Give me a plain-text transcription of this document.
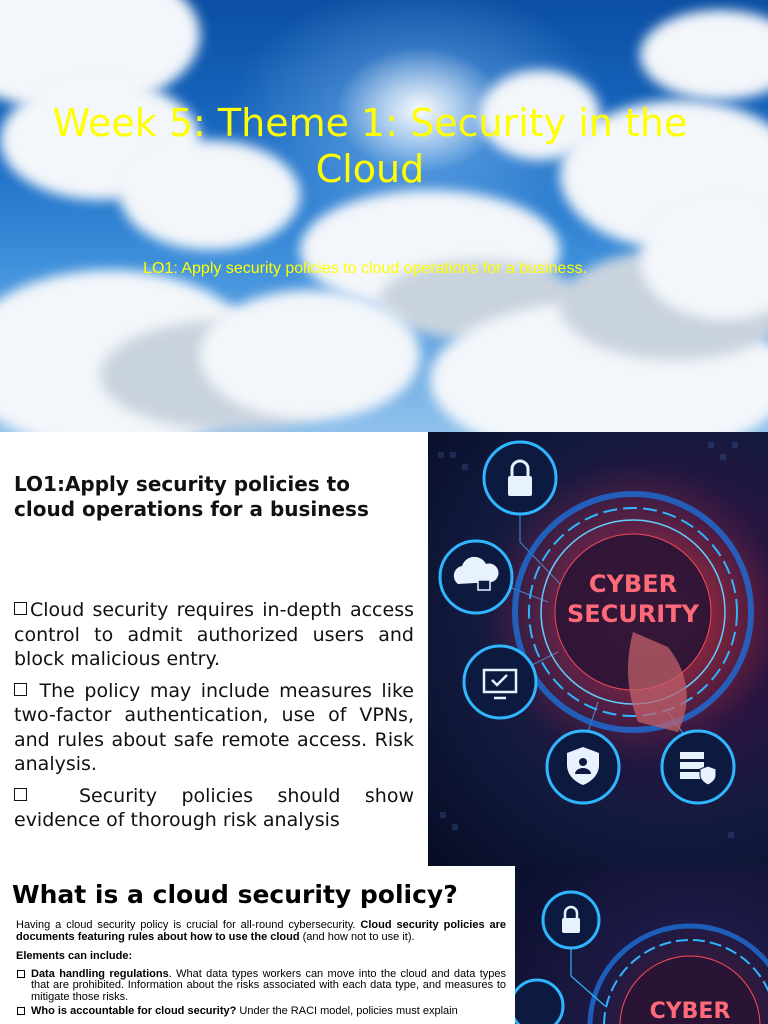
Week 5: Theme 1: Security in the Cloud

LO1: Apply security policies to cloud operations for a business.

LO1:Apply security policies to cloud operations for a business

Cloud security requires in-depth access control to admit authorized users and block malicious entry.

The policy may include measures like two-factor authentication, use of VPNs, and rules about safe remote access. Risk analysis.

Security policies should show evidence of thorough risk analysis

CYBER
SECURITY
What is a cloud security policy?

Having a cloud security policy is crucial for all-round cybersecurity. Cloud security policies are documents featuring rules about how to use the cloud (and how not to use it).

Elements can include:

Data handling regulations. What data types workers can move into the cloud and data types that are prohibited. Information about the risks associated with each data type, and measures to mitigate those risks.
Who is accountable for cloud security? Under the RACI model, policies must explain	CYBER
